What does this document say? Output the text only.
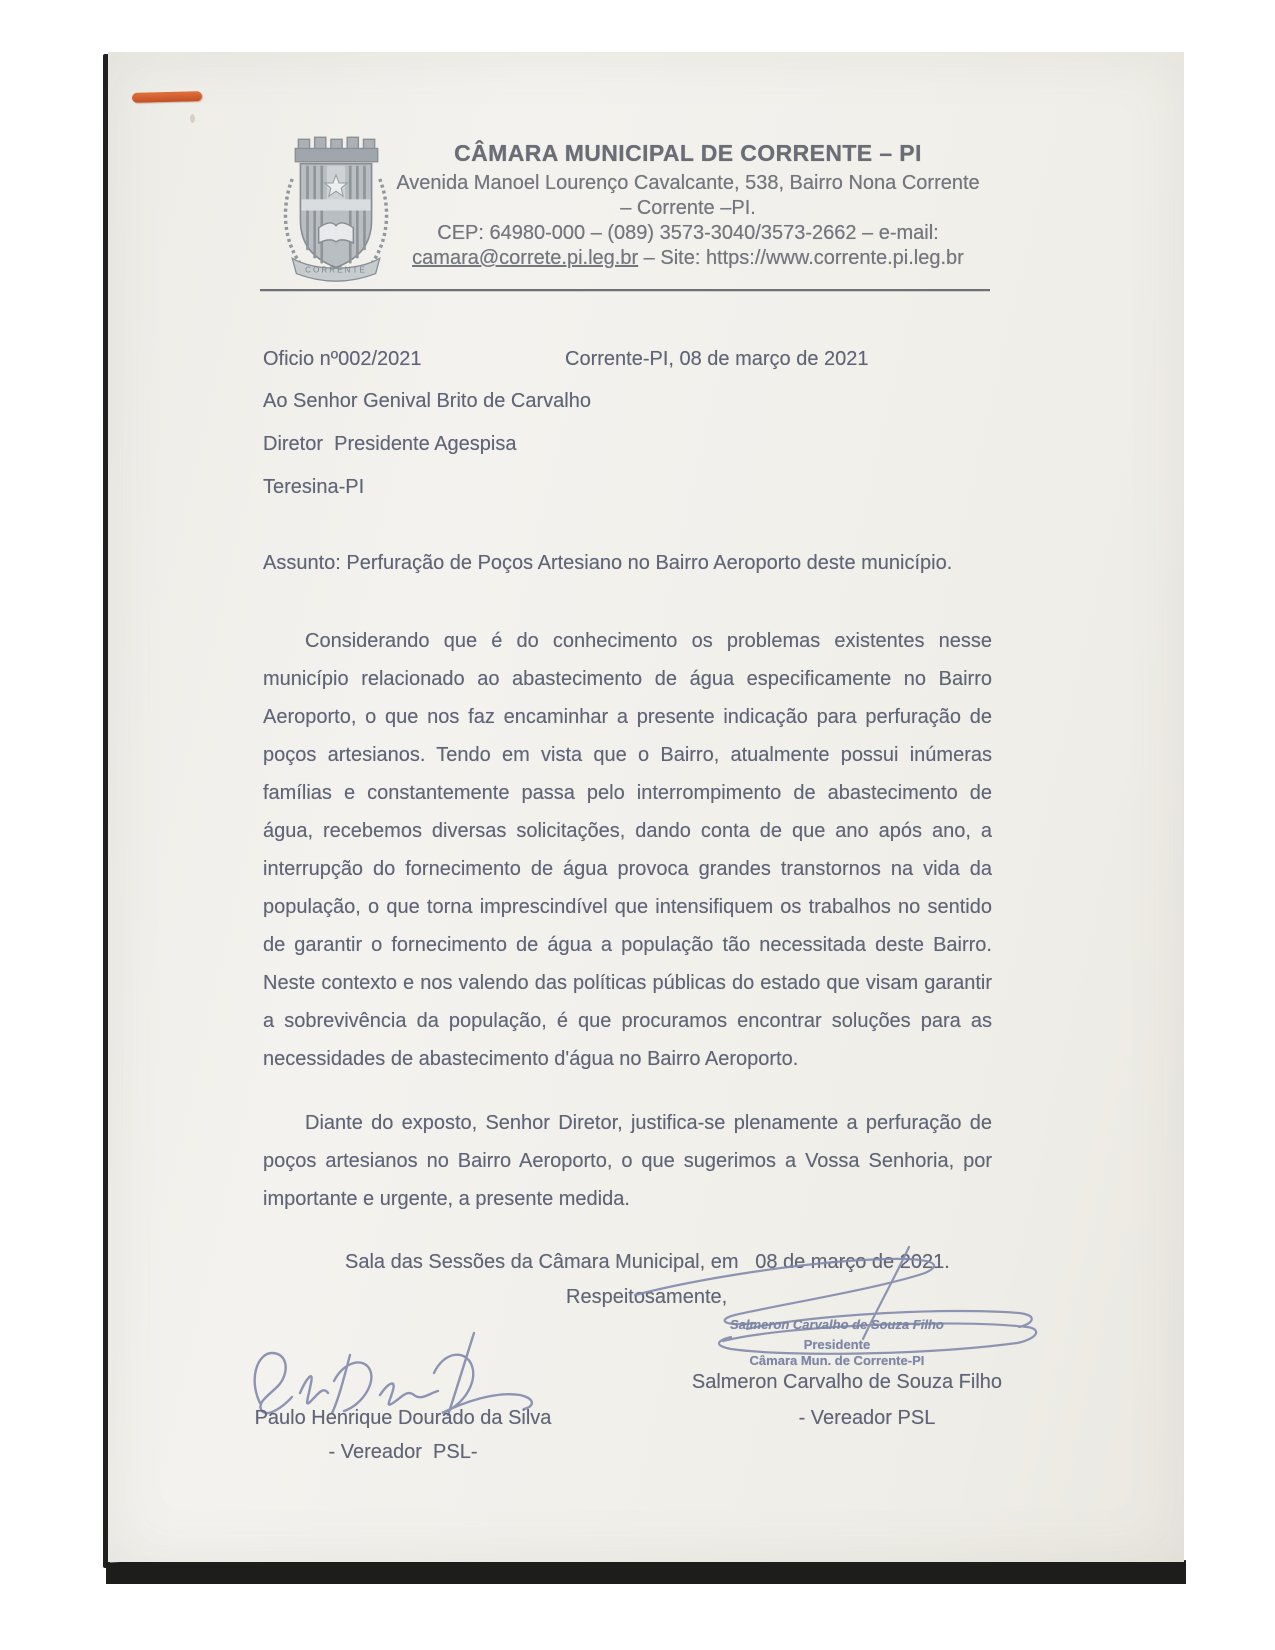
CORRENTE
CÂMARA MUNICIPAL DE CORRENTE – PI
Avenida Manoel Lourenço Cavalcante, 538, Bairro Nona Corrente
– Corrente –PI.
CEP: 64980-000 – (089) 3573-3040/3573-2662 – e-mail:
camara@correte.pi.leg.br – Site: https://www.corrente.pi.leg.br
Oficio nº002/2021	Corrente-PI, 08 de março de 2021
Ao Senhor Genival Brito de Carvalho
Diretor  Presidente Agespisa
Teresina-PI
Assunto: Perfuração de Poços Artesiano no Bairro Aeroporto deste município.
Considerando que é do conhecimento os problemas existentes nesse município relacionado ao abastecimento de água especificamente no Bairro Aeroporto, o que nos faz encaminhar a presente indicação para perfuração de poços artesianos. Tendo em vista que o Bairro, atualmente possui inúmeras famílias e constantemente passa pelo interrompimento de abastecimento de água, recebemos diversas solicitações, dando conta de que ano após ano, a interrupção do fornecimento de água provoca grandes transtornos na vida da população, o que torna imprescindível que intensifiquem os trabalhos no sentido de garantir o fornecimento de água a população tão necessitada deste Bairro. Neste contexto e nos valendo das políticas públicas do estado que visam garantir a sobrevivência da população, é que procuramos encontrar soluções para as necessidades de abastecimento d'água no Bairro Aeroporto.
Diante do exposto, Senhor Diretor, justifica-se plenamente a perfuração de poços artesianos no Bairro Aeroporto, o que sugerimos a Vossa Senhoria, por importante e urgente, a presente medida.
Sala das Sessões da Câmara Municipal, em   08 de março de 2021.
Respeitosamente,
Paulo Henrique Dourado da Silva
- Vereador  PSL-
Salmeron Carvalho de Souza Filho
Presidente
Câmara Mun. de Corrente-PI
Salmeron Carvalho de Souza Filho
- Vereador PSL
